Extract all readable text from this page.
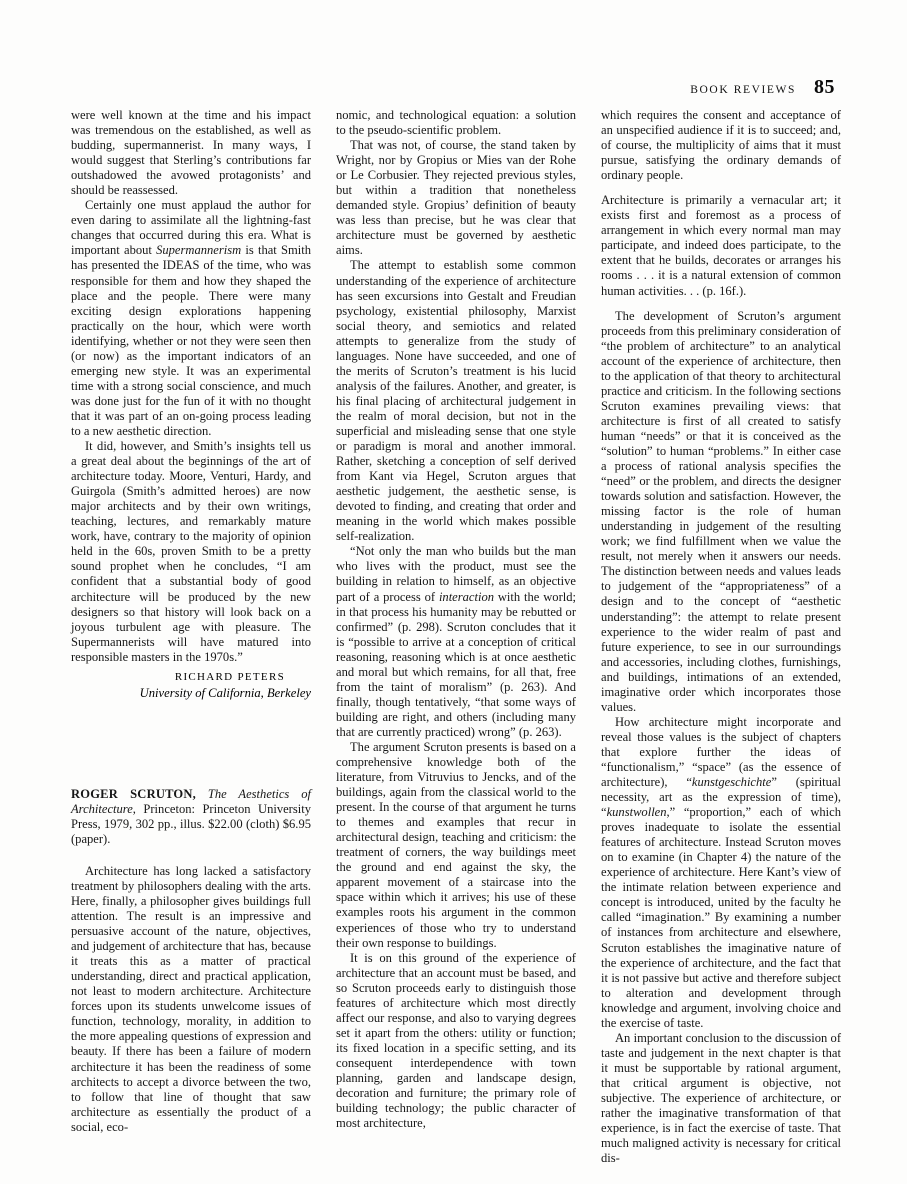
BOOK REVIEWS 85

were well known at the time and his impact was tremendous on the established, as well as budding, supermannerist. In many ways, I would suggest that Sterling’s contributions far outshadowed the avowed protagonists’ and should be reassessed.

Certainly one must applaud the author for even daring to assimilate all the lightning-fast changes that occurred during this era. What is important about Supermannerism is that Smith has presented the IDEAS of the time, who was responsible for them and how they shaped the place and the people. There were many exciting design explorations happening practically on the hour, which were worth identifying, whether or not they were seen then (or now) as the important indicators of an emerging new style. It was an experimental time with a strong social conscience, and much was done just for the fun of it with no thought that it was part of an on-going process leading to a new aesthetic direction.

It did, however, and Smith’s insights tell us a great deal about the beginnings of the art of architecture today. Moore, Venturi, Hardy, and Guirgola (Smith’s admitted heroes) are now major architects and by their own writings, teaching, lectures, and remarkably mature work, have, contrary to the majority of opinion held in the 60s, proven Smith to be a pretty sound prophet when he concludes, “I am confident that a substantial body of good architecture will be produced by the new designers so that history will look back on a joyous turbulent age with pleasure. The Supermannerists will have matured into responsible masters in the 1970s.”

RICHARD PETERS
University of California, Berkeley

ROGER SCRUTON, The Aesthetics of Architecture, Princeton: Princeton University Press, 1979, 302 pp., illus. $22.00 (cloth) $6.95 (paper).

Architecture has long lacked a satisfactory treatment by philosophers dealing with the arts. Here, finally, a philosopher gives buildings full attention. The result is an impressive and persuasive account of the nature, objectives, and judgement of architecture that has, because it treats this as a matter of practical understanding, direct and practical application, not least to modern architecture. Architecture forces upon its students unwelcome issues of function, technology, morality, in addition to the more appealing questions of expression and beauty. If there has been a failure of modern architecture it has been the readiness of some architects to accept a divorce between the two, to follow that line of thought that saw architecture as essentially the product of a social, eco-

nomic, and technological equation: a solution to the pseudo-scientific problem.

That was not, of course, the stand taken by Wright, nor by Gropius or Mies van der Rohe or Le Corbusier. They rejected previous styles, but within a tradition that nonetheless demanded style. Gropius’ definition of beauty was less than precise, but he was clear that architecture must be governed by aesthetic aims.

The attempt to establish some common understanding of the experience of architecture has seen excursions into Gestalt and Freudian psychology, existential philosophy, Marxist social theory, and semiotics and related attempts to generalize from the study of languages. None have succeeded, and one of the merits of Scruton’s treatment is his lucid analysis of the failures. Another, and greater, is his final placing of architectural judgement in the realm of moral decision, but not in the superficial and misleading sense that one style or paradigm is moral and another immoral. Rather, sketching a conception of self derived from Kant via Hegel, Scruton argues that aesthetic judgement, the aesthetic sense, is devoted to finding, and creating that order and meaning in the world which makes possible self-realization.

“Not only the man who builds but the man who lives with the product, must see the building in relation to himself, as an objective part of a process of interaction with the world; in that process his humanity may be rebutted or confirmed” (p. 298). Scruton concludes that it is “possible to arrive at a conception of critical reasoning, reasoning which is at once aesthetic and moral but which remains, for all that, free from the taint of moralism” (p. 263). And finally, though tentatively, “that some ways of building are right, and others (including many that are currently practiced) wrong” (p. 263).

The argument Scruton presents is based on a comprehensive knowledge both of the literature, from Vitruvius to Jencks, and of the buildings, again from the classical world to the present. In the course of that argument he turns to themes and examples that recur in architectural design, teaching and criticism: the treatment of corners, the way buildings meet the ground and end against the sky, the apparent movement of a staircase into the space within which it arrives; his use of these examples roots his argument in the common experiences of those who try to understand their own response to buildings.

It is on this ground of the experience of architecture that an account must be based, and so Scruton proceeds early to distinguish those features of architecture which most directly affect our response, and also to varying degrees set it apart from the others: utility or function; its fixed location in a specific setting, and its consequent interdependence with town planning, garden and landscape design, decoration and furniture; the primary role of building technology; the public character of most architecture,

which requires the consent and acceptance of an unspecified audience if it is to succeed; and, of course, the multiplicity of aims that it must pursue, satisfying the ordinary demands of ordinary people.

Architecture is primarily a vernacular art; it exists first and foremost as a process of arrangement in which every normal man may participate, and indeed does participate, to the extent that he builds, decorates or arranges his rooms . . . it is a natural extension of common human activities. . . (p. 16f.).

The development of Scruton’s argument proceeds from this preliminary consideration of “the problem of architecture” to an analytical account of the experience of architecture, then to the application of that theory to architectural practice and criticism. In the following sections Scruton examines prevailing views: that architecture is first of all created to satisfy human “needs” or that it is conceived as the “solution” to human “problems.” In either case a process of rational analysis specifies the “need” or the problem, and directs the designer towards solution and satisfaction. However, the missing factor is the role of human understanding in judgement of the resulting work; we find fulfillment when we value the result, not merely when it answers our needs. The distinction between needs and values leads to judgement of the “appropriateness” of a design and to the concept of “aesthetic understanding”: the attempt to relate present experience to the wider realm of past and future experience, to see in our surroundings and accessories, including clothes, furnishings, and buildings, intimations of an extended, imaginative order which incorporates those values.

How architecture might incorporate and reveal those values is the subject of chapters that explore further the ideas of “functionalism,” “space” (as the essence of architecture), “kunstgeschichte” (spiritual necessity, art as the expression of time), “kunstwollen,” “proportion,” each of which proves inadequate to isolate the essential features of architecture. Instead Scruton moves on to examine (in Chapter 4) the nature of the experience of architecture. Here Kant’s view of the intimate relation between experience and concept is introduced, united by the faculty he called “imagination.” By examining a number of instances from architecture and elsewhere, Scruton establishes the imaginative nature of the experience of architecture, and the fact that it is not passive but active and therefore subject to alteration and development through knowledge and argument, involving choice and the exercise of taste.

An important conclusion to the discussion of taste and judgement in the next chapter is that it must be supportable by rational argument, that critical argument is objective, not subjective. The experience of architecture, or rather the imaginative transformation of that experience, is in fact the exercise of taste. That much maligned activity is necessary for critical dis-
